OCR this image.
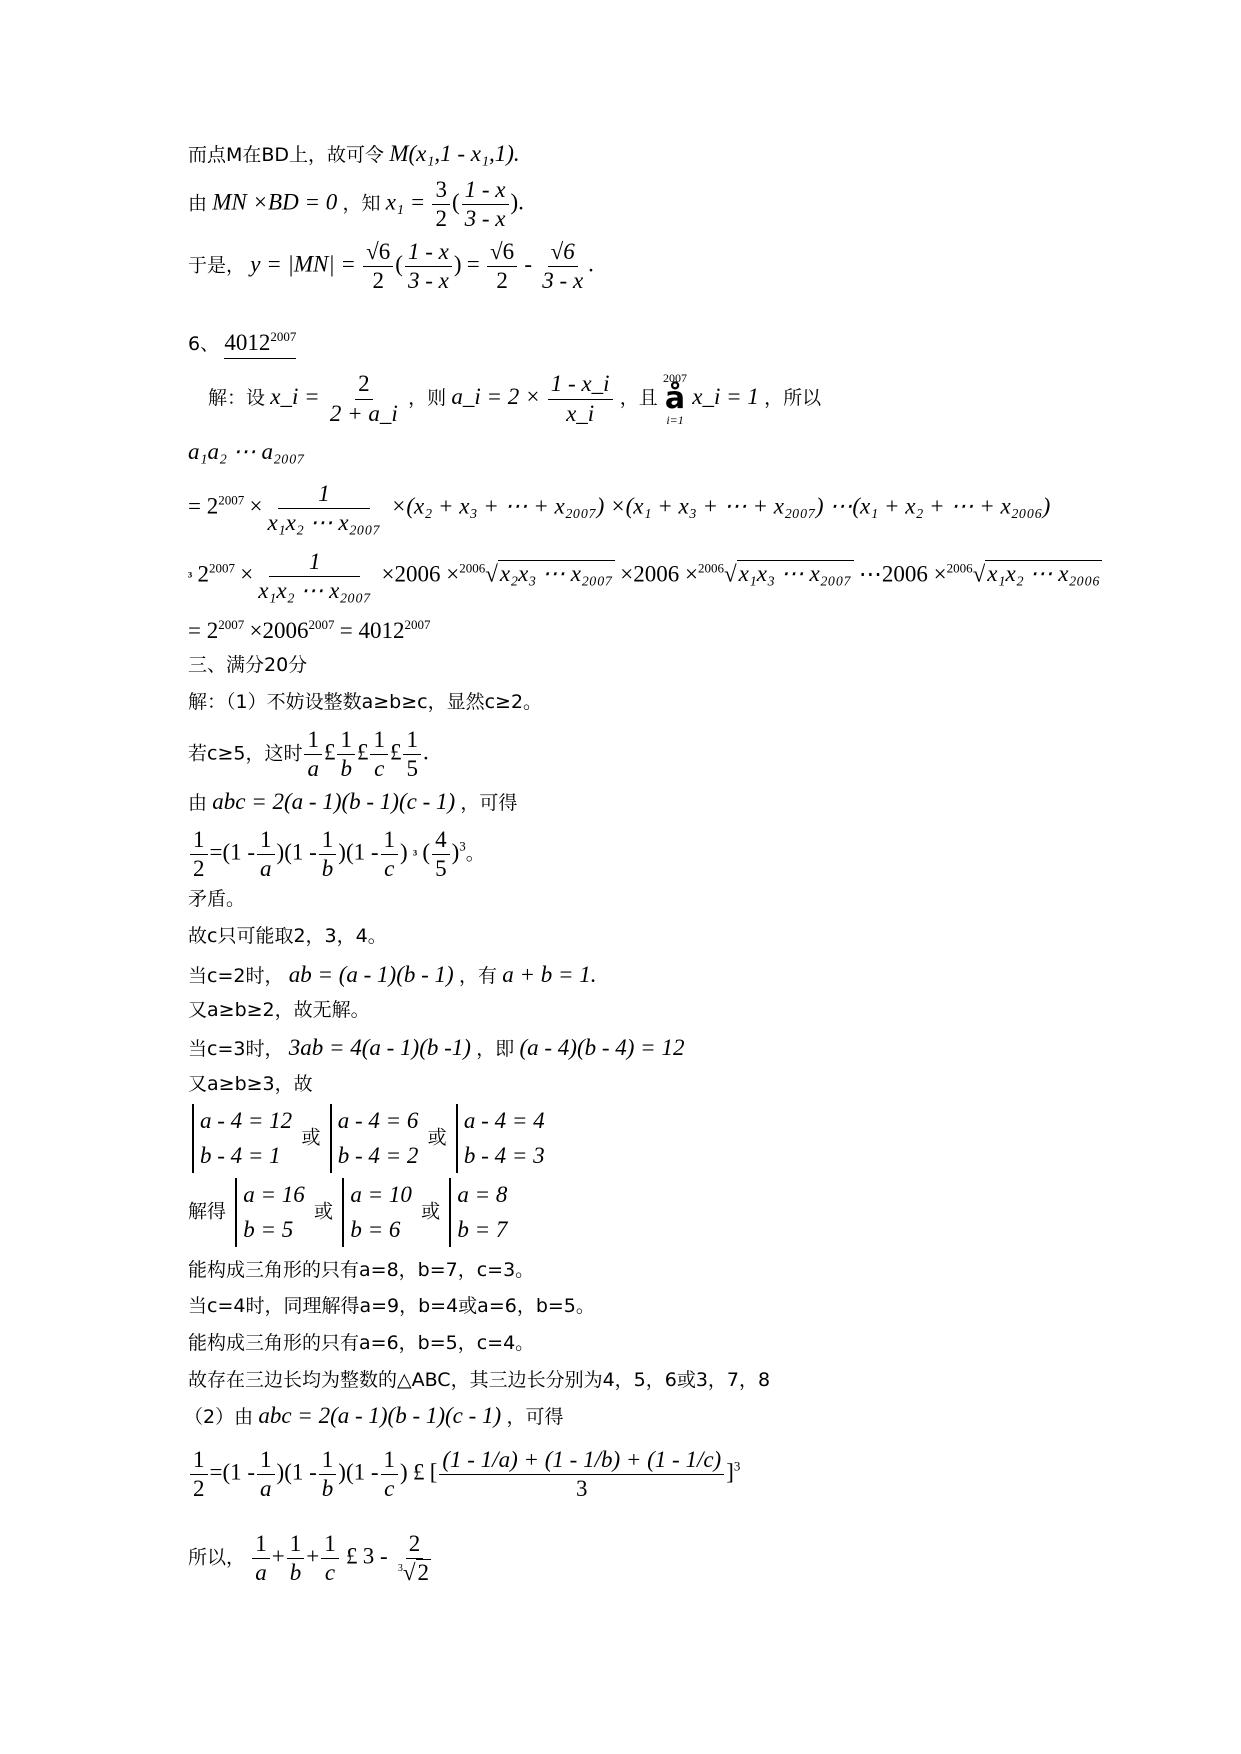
而点M在BD上，故可令 M(x₁,1 - x₁,1).
由 MN ×BD = 0 ，知 $x_1 = \frac{3}{2}$ ( $\frac{1 - x}{3 - x}$ ).
于是， $y = |MN| = \frac{√6}{2}$ ( $\frac{1 - x}{3 - x}$ ) = $\frac{√6}{2} - \frac{√6}{3 - x}$ .
6、 $4012^{2007}$
解：设 x_i = $\frac{2}{2 + a\_i}$ ，则 a_i = $2 \times \frac{1 - x\_i}{x\_i}$ ，且
2007
å
i=1
x_i = 1 ，所以
a₁a₂ ⋯ a₂₀₀₇
= $2^{2007} \times \frac{1}{\text{x₁x₂ ⋯ x₂₀₀₇}} \times(x_2 + x_3$ + ⋯ + x₂₀₀₇) ×(x₁ + x₃ + ⋯ + x₂₀₀₇) ⋯(x₁ + x₂ + ⋯ + x₂₀₀₆)
³ $2^{2007} \times \frac{1}{\text{x₁x₂ ⋯ x₂₀₀₇}} \times 2006 \times^{2006}√x_2x_3$ ⋯ x₂₀₀₇ ×2006 ×$^{2006}$√x₁x₃ ⋯ x₂₀₀₇ ⋯2006 ×$^{2006}$√x₁x₂ ⋯ x₂₀₀₆
= $2^{2007} \times 2006^{2007} = 4012^{2007}$
三、满分20分
解：（1）不妨设整数a≥b≥c，显然c≥2。
若c≥5，这时 $\frac{1}{a}$ £ $\frac{1}{b}$ £ $\frac{1}{c}$ £ $\frac{1}{5}$ .
由 abc = 2(a - 1)(b - 1)(c - 1) ，可得
$\frac{1}{2} =(1 - \frac{1}{a} )(1 - \frac{1}{b} )(1 - \frac{1}{c}$ ) ³ ( $\frac{4}{5} )^3$。
矛盾。
故c只可能取2，3，4。
当c=2时， ab = (a - 1)(b - 1) ，有 a + b = 1.
又a≥b≥2，故无解。
当c=3时， 3ab = 4(a - 1)(b -1) ，即 (a - 4)(b - 4) = 12
又a≥b≥3，故
a - 4 = 12
b - 4 = 1
或
a - 4 = 6
b - 4 = 2
或
a - 4 = 4
b - 4 = 3
解得
a = 16
b = 5
或
a = 10
b = 6
或
a = 8
b = 7
能构成三角形的只有a=8，b=7，c=3。
当c=4时，同理解得a=9，b=4或a=6，b=5。
能构成三角形的只有a=6，b=5，c=4。
故存在三边长均为整数的△ABC，其三边长分别为4，5，6或3，7，8
（2）由 abc = 2(a - 1)(b - 1)(c - 1) ，可得
$\frac{1}{2} =(1 - \frac{1}{a} )(1 - \frac{1}{b} )(1 - \frac{1}{c}$ ) £ [ $\frac{(1 - 1/a) + (1 - 1/b) + (1 - 1/c)}{3} ]^3$
所以， $\frac{1}{a} + \frac{1}{b} + \frac{1}{c}$ £ $3 - \frac{2}{^3√2}$
